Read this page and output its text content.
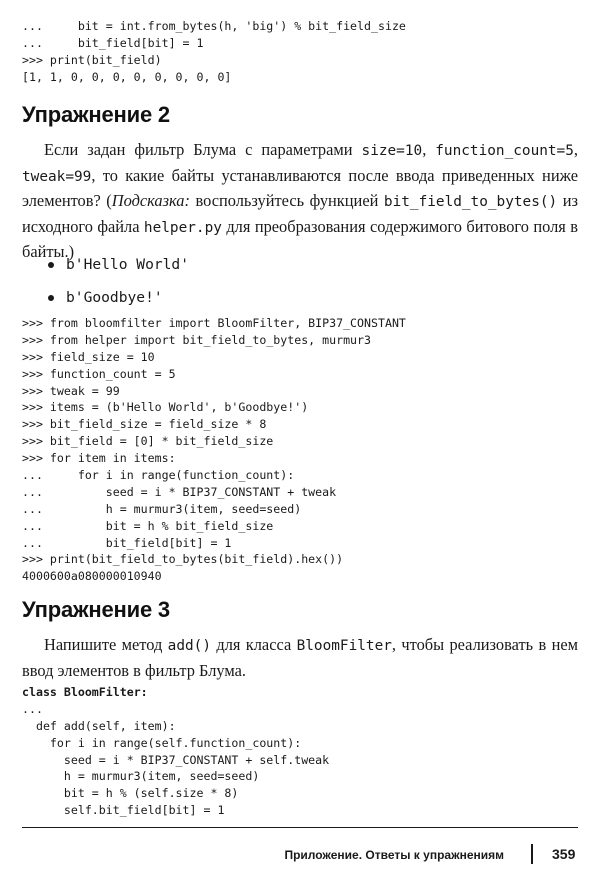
...     bit = int.from_bytes(h, 'big') % bit_field_size
...     bit_field[bit] = 1
>>> print(bit_field)
[1, 1, 0, 0, 0, 0, 0, 0, 0, 0]
Упражнение 2

Если задан фильтр Блума с параметрами size=10, function_count=5, tweak=99, то какие байты устанавливаются после ввода приведенных ниже элементов? (Подсказка: воспользуйтесь функцией bit_field_to_bytes() из исходного файла helper.py для преобразования содержимого битового поля в байты.)

b'Hello World'
b'Goodbye!'
>>> from bloomfilter import BloomFilter, BIP37_CONSTANT
>>> from helper import bit_field_to_bytes, murmur3
>>> field_size = 10
>>> function_count = 5
>>> tweak = 99
>>> items = (b'Hello World', b'Goodbye!')
>>> bit_field_size = field_size * 8
>>> bit_field = [0] * bit_field_size
>>> for item in items:
...     for i in range(function_count):
...         seed = i * BIP37_CONSTANT + tweak
...         h = murmur3(item, seed=seed)
...         bit = h % bit_field_size
...         bit_field[bit] = 1
>>> print(bit_field_to_bytes(bit_field).hex())
4000600a080000010940
Упражнение 3

Напишите метод add() для класса BloomFilter, чтобы реализовать в нем ввод элементов в фильтр Блума.

class BloomFilter:
...
def add(self, item):
for i in range(self.function_count):
seed = i * BIP37_CONSTANT + self.tweak
h = murmur3(item, seed=seed)
bit = h % (self.size * 8)
self.bit_field[bit] = 1
Приложение. Ответы к упражнениям	359
